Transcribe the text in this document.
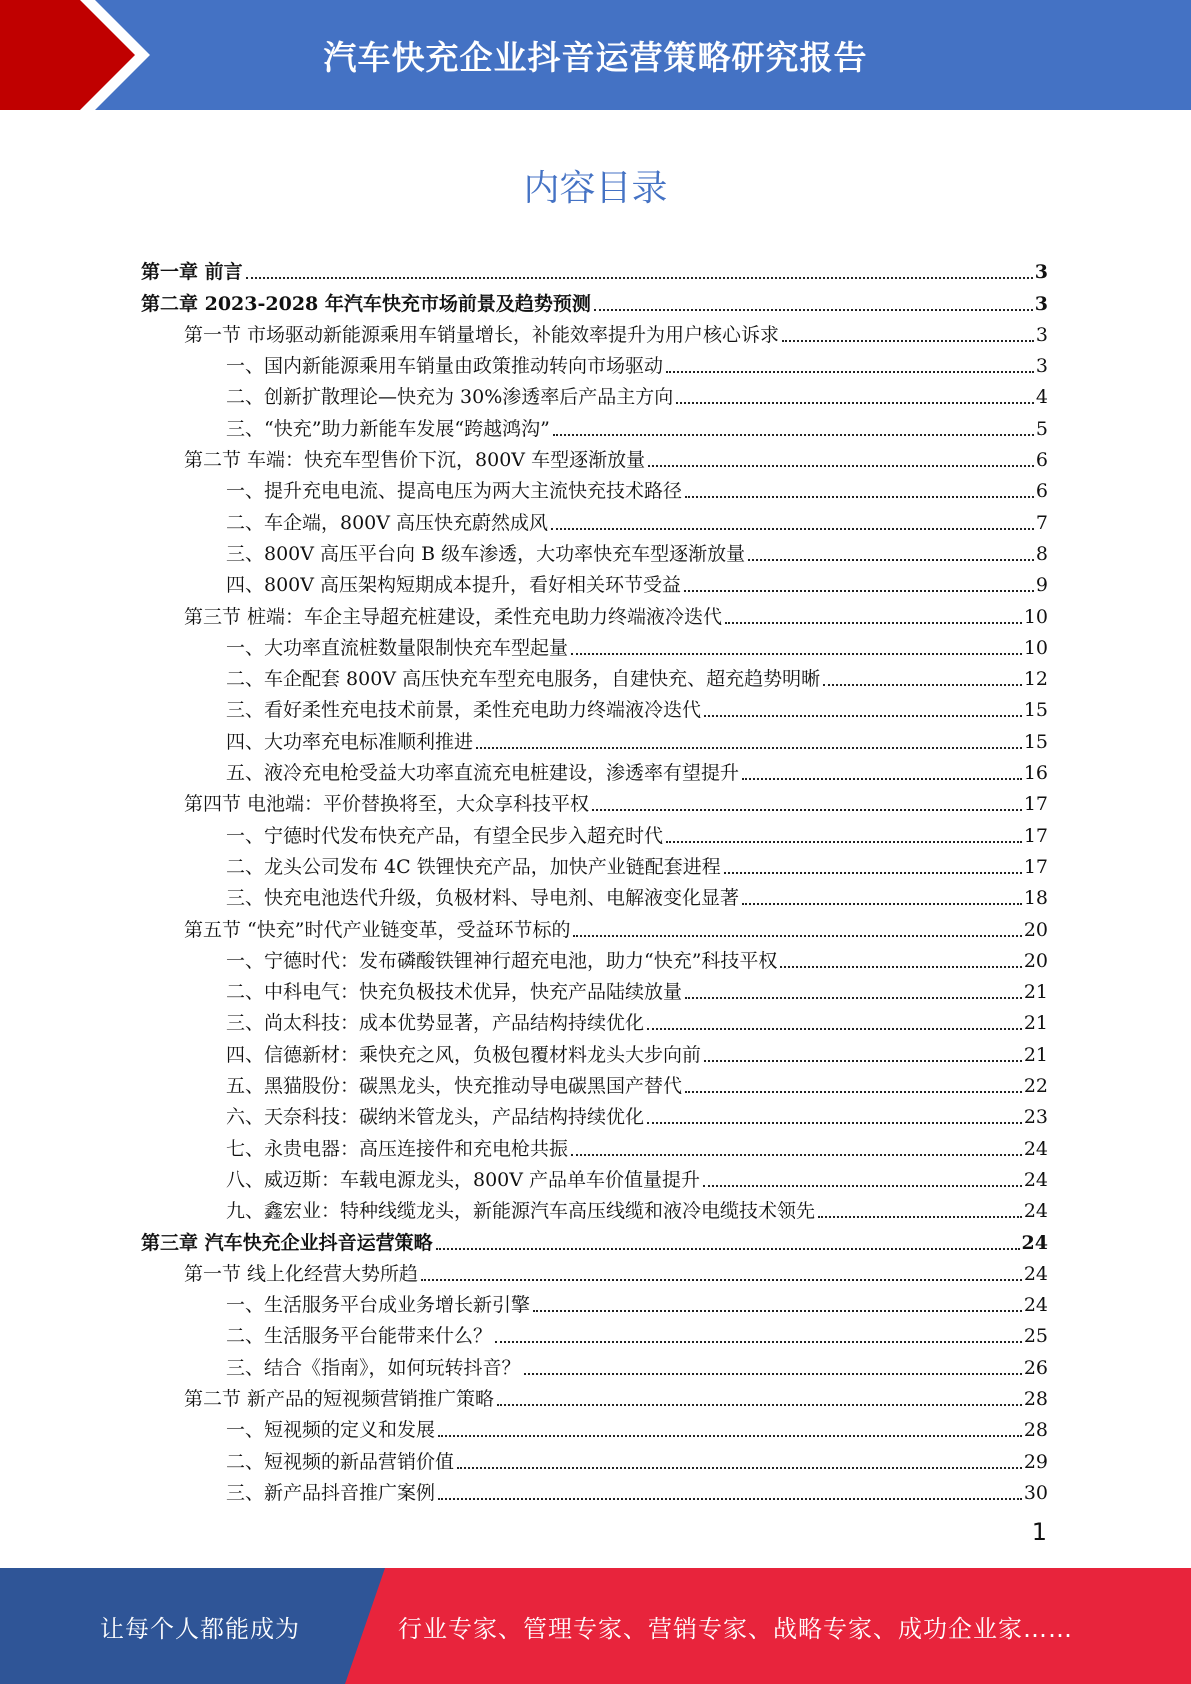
汽车快充企业抖音运营策略研究报告
内容目录
第一章 前言	3
第二章 2023-2028 年汽车快充市场前景及趋势预测	3
第一节 市场驱动新能源乘用车销量增长，补能效率提升为用户核心诉求	3
一、国内新能源乘用车销量由政策推动转向市场驱动	3
二、创新扩散理论—快充为 30%渗透率后产品主方向	4
三、“快充”助力新能车发展“跨越鸿沟”	5
第二节 车端：快充车型售价下沉，800V 车型逐渐放量	6
一、提升充电电流、提高电压为两大主流快充技术路径	6
二、车企端，800V 高压快充蔚然成风	7
三、800V 高压平台向 B 级车渗透，大功率快充车型逐渐放量	8
四、800V 高压架构短期成本提升，看好相关环节受益	9
第三节 桩端：车企主导超充桩建设，柔性充电助力终端液冷迭代	10
一、大功率直流桩数量限制快充车型起量	10
二、车企配套 800V 高压快充车型充电服务，自建快充、超充趋势明晰	12
三、看好柔性充电技术前景，柔性充电助力终端液冷迭代	15
四、大功率充电标准顺利推进	15
五、液冷充电枪受益大功率直流充电桩建设，渗透率有望提升	16
第四节 电池端：平价替换将至，大众享科技平权	17
一、宁德时代发布快充产品，有望全民步入超充时代	17
二、龙头公司发布 4C 铁锂快充产品，加快产业链配套进程	17
三、快充电池迭代升级，负极材料、导电剂、电解液变化显著	18
第五节 “快充”时代产业链变革，受益环节标的	20
一、宁德时代：发布磷酸铁锂神行超充电池，助力“快充”科技平权	20
二、中科电气：快充负极技术优异，快充产品陆续放量	21
三、尚太科技：成本优势显著，产品结构持续优化	21
四、信德新材：乘快充之风，负极包覆材料龙头大步向前	21
五、黑猫股份：碳黑龙头，快充推动导电碳黑国产替代	22
六、天奈科技：碳纳米管龙头，产品结构持续优化	23
七、永贵电器：高压连接件和充电枪共振	24
八、威迈斯：车载电源龙头，800V 产品单车价值量提升	24
九、鑫宏业：特种线缆龙头，新能源汽车高压线缆和液冷电缆技术领先	24
第三章 汽车快充企业抖音运营策略	24
第一节 线上化经营大势所趋	24
一、生活服务平台成业务增长新引擎	24
二、生活服务平台能带来什么？	25
三、结合《指南》，如何玩转抖音？	26
第二节 新产品的短视频营销推广策略	28
一、短视频的定义和发展	28
二、短视频的新品营销价值	29
三、新产品抖音推广案例	30
1
让每个人都能成为	行业专家、管理专家、营销专家、战略专家、成功企业家……
